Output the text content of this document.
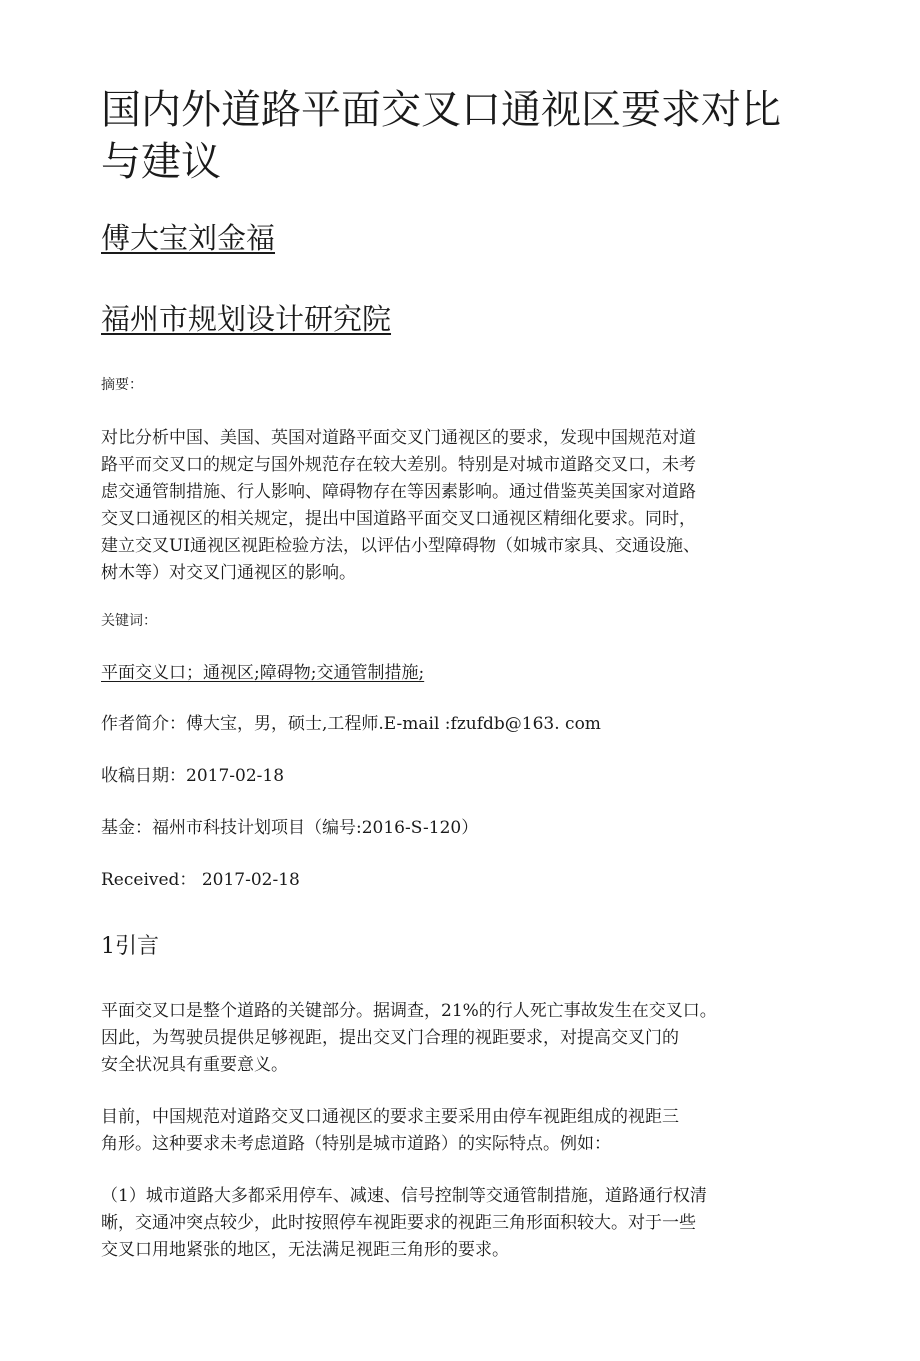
国内外道路平面交叉口通视区要求对比
与建议

傅大宝刘金福

福州市规划设计研究院

摘要：

对比分析中国、美国、英国对道路平面交叉门通视区的要求，发现中国规范对道
路平而交叉口的规定与国外规范存在较大差别。特别是对城市道路交叉口，未考
虑交通管制措施、行人影响、障碍物存在等因素影响。通过借鉴英美国家对道路
交叉口通视区的相关规定，提出中国道路平面交叉口通视区精细化要求。同时，
建立交叉UI通视区视距检验方法，以评估小型障碍物（如城市家具、交通设施、
树木等）对交叉门通视区的影响。

关键词：

平面交义口；通视区;障碍物;交通管制措施;

作者简介：傅大宝，男，硕士,工程师.E-mail :fzufdb@163. com

收稿日期：2017-02-18

基金：福州市科技计划项目（编号:2016-S-120）

Received： 2017-02-18

1引言
平面交叉口是整个道路的关键部分。据调查，21%的行人死亡事故发生在交叉口。
因此，为驾驶员提供足够视距，提出交叉门合理的视距要求，对提高交叉门的
安全状况具有重要意义。
目前，中国规范对道路交叉口通视区的要求主要采用由停车视距组成的视距三
角形。这种要求未考虑道路（特别是城市道路）的实际特点。例如：
（1）城市道路大多都采用停车、减速、信号控制等交通管制措施，道路通行权清
晰，交通冲突点较少，此时按照停车视距要求的视距三角形面积较大。对于一些
交叉口用地紧张的地区，无法满足视距三角形的要求。
